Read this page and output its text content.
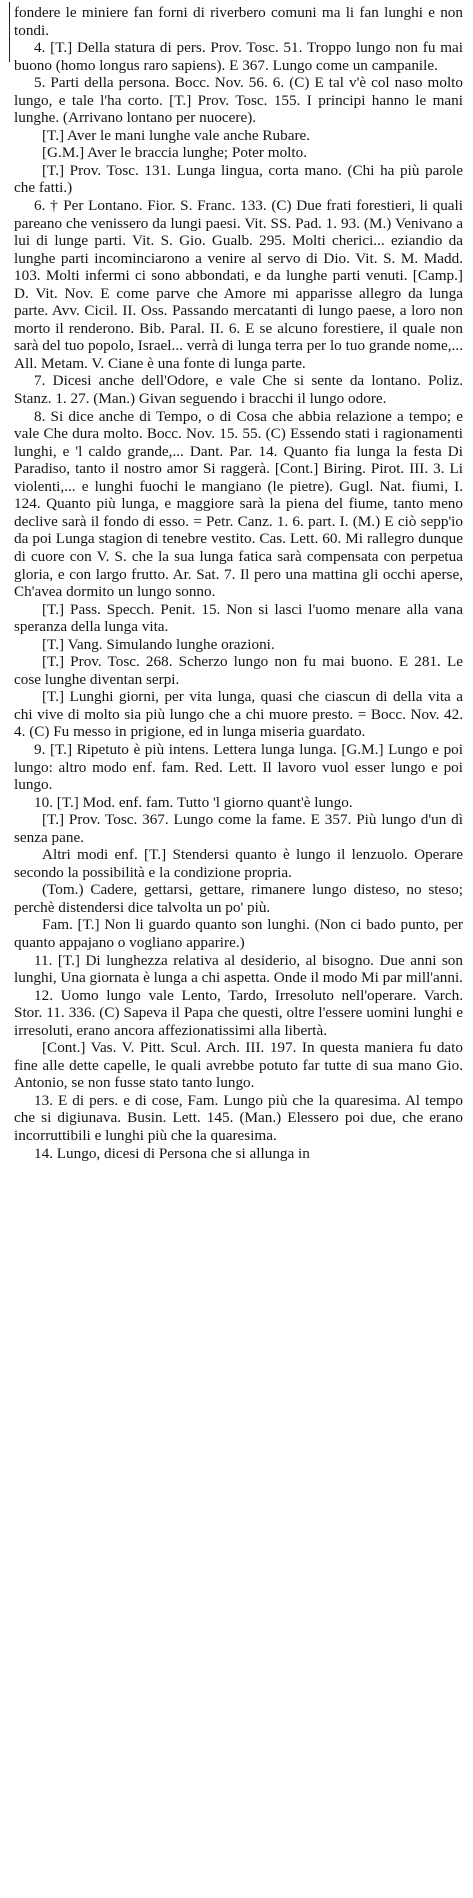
fondere le miniere fan forni di riverbero comuni ma li fan lunghi e non tondi.

4. [T.] Della statura di pers. Prov. Tosc. 51. Troppo lungo non fu mai buono (homo longus raro sapiens). E 367. Lungo come un campanile.

5. Parti della persona. Bocc. Nov. 56. 6. (C) E tal v'è col naso molto lungo, e tale l'ha corto. [T.] Prov. Tosc. 155. I principi hanno le mani lunghe. (Arrivano lontano per nuocere).

[T.] Aver le mani lunghe vale anche Rubare.

[G.M.] Aver le braccia lunghe; Poter molto.

[T.] Prov. Tosc. 131. Lunga lingua, corta mano. (Chi ha più parole che fatti.)

6. † Per Lontano. Fior. S. Franc. 133. (C) Due frati forestieri, li quali pareano che venissero da lungi paesi. Vit. SS. Pad. 1. 93. (M.) Venivano a lui di lunge parti. Vit. S. Gio. Gualb. 295. Molti cherici... eziandio da lunghe parti incominciarono a venire al servo di Dio. Vit. S. M. Madd. 103. Molti infermi ci sono abbondati, e da lunghe parti venuti. [Camp.] D. Vit. Nov. E come parve che Amore mi apparisse allegro da lunga parte. Avv. Cicil. II. Oss. Passando mercatanti di lungo paese, a loro non morto il renderono. Bib. Paral. II. 6. E se alcuno forestiere, il quale non sarà del tuo popolo, Israel... verrà di lunga terra per lo tuo grande nome,... All. Metam. V. Ciane è una fonte di lunga parte.

7. Dicesi anche dell'Odore, e vale Che si sente da lontano. Poliz. Stanz. 1. 27. (Man.) Givan seguendo i bracchi il lungo odore.

8. Si dice anche di Tempo, o di Cosa che abbia relazione a tempo; e vale Che dura molto. Bocc. Nov. 15. 55. (C) Essendo stati i ragionamenti lunghi, e 'l caldo grande,... Dant. Par. 14. Quanto fia lunga la festa Di Paradiso, tanto il nostro amor Si raggerà. [Cont.] Biring. Pirot. III. 3. Li violenti,... e lunghi fuochi le mangiano (le pietre). Gugl. Nat. fiumi, I. 124. Quanto più lunga, e maggiore sarà la piena del fiume, tanto meno declive sarà il fondo di esso. = Petr. Canz. 1. 6. part. I. (M.) E ciò sepp'io da poi Lunga stagion di tenebre vestito. Cas. Lett. 60. Mi rallegro dunque di cuore con V. S. che la sua lunga fatica sarà compensata con perpetua gloria, e con largo frutto. Ar. Sat. 7. Il pero una mattina gli occhi aperse, Ch'avea dormito un lungo sonno.

[T.] Pass. Specch. Penit. 15. Non si lasci l'uomo menare alla vana speranza della lunga vita.

[T.] Vang. Simulando lunghe orazioni.

[T.] Prov. Tosc. 268. Scherzo lungo non fu mai buono. E 281. Le cose lunghe diventan serpi.

[T.] Lunghi giorni, per vita lunga, quasi che ciascun di della vita a chi vive di molto sia più lungo che a chi muore presto. = Bocc. Nov. 42. 4. (C) Fu messo in prigione, ed in lunga miseria guardato.

9. [T.] Ripetuto è più intens. Lettera lunga lunga. [G.M.] Lungo e poi lungo: altro modo enf. fam. Red. Lett. Il lavoro vuol esser lungo e poi lungo.

10. [T.] Mod. enf. fam. Tutto 'l giorno quant'è lungo.

[T.] Prov. Tosc. 367. Lungo come la fame. E 357. Più lungo d'un dì senza pane.

Altri modi enf. [T.] Stendersi quanto è lungo il lenzuolo. Operare secondo la possibilità e la condizione propria.

(Tom.) Cadere, gettarsi, gettare, rimanere lungo disteso, no steso; perchè distendersi dice talvolta un po' più.

Fam. [T.] Non li guardo quanto son lunghi. (Non ci bado punto, per quanto appajano o vogliano apparire.)

11. [T.] Di lunghezza relativa al desiderio, al bisogno. Due anni son lunghi, Una giornata è lunga a chi aspetta. Onde il modo Mi par mill'anni.

12. Uomo lungo vale Lento, Tardo, Irresoluto nell'operare. Varch. Stor. 11. 336. (C) Sapeva il Papa che questi, oltre l'essere uomini lunghi e irresoluti, erano ancora affezionatissimi alla libertà.

[Cont.] Vas. V. Pitt. Scul. Arch. III. 197. In questa maniera fu dato fine alle dette capelle, le quali avrebbe potuto far tutte di sua mano Gio. Antonio, se non fusse stato tanto lungo.

13. E di pers. e di cose, Fam. Lungo più che la quaresima. Al tempo che si digiunava. Busin. Lett. 145. (Man.) Elessero poi due, che erano incorruttibili e lunghi più che la quaresima.

14. Lungo, dicesi di Persona che si allunga in
